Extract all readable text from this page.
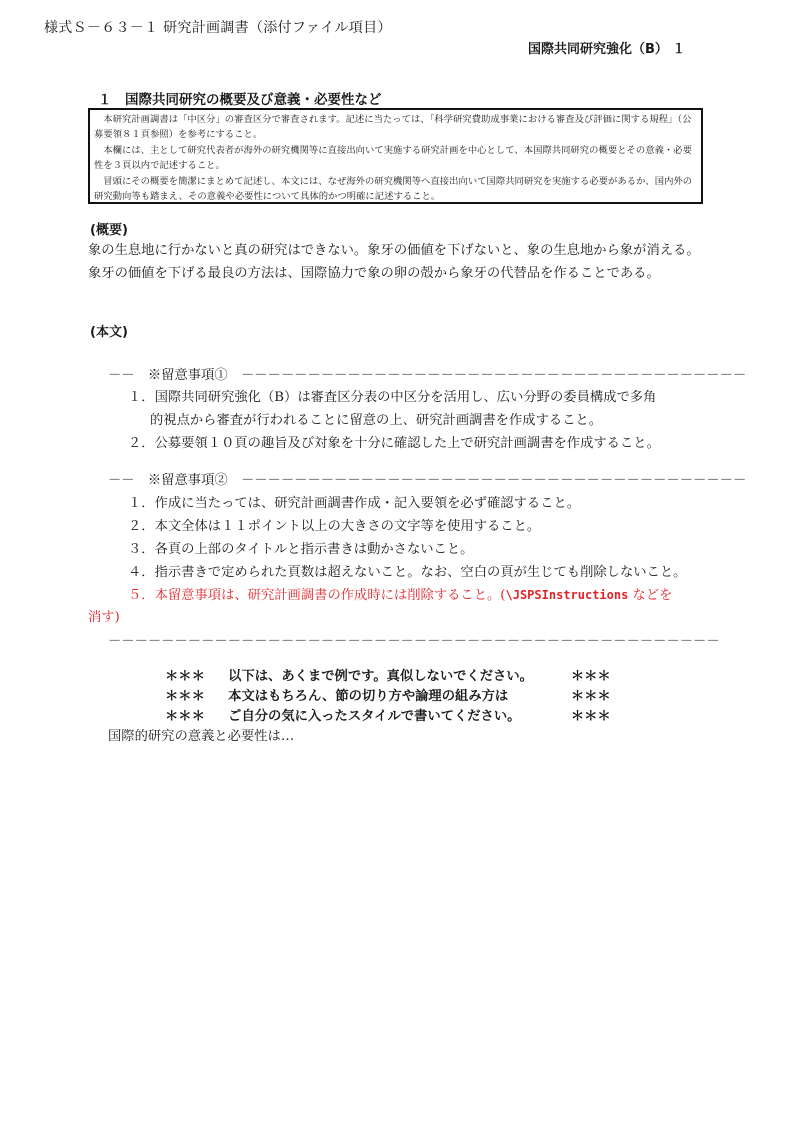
様式Ｓ－６３－１ 研究計画調書（添付ファイル項目）
国際共同研究強化（B） １
１　国際共同研究の概要及び意義・必要性など

本研究計画調書は「中区分」の審査区分で審査されます。記述に当たっては、「科学研究費助成事業における審査及び評価に関する規程」（公募要領８１頁参照）を参考にすること。

本欄には、主として研究代表者が海外の研究機関等に直接出向いて実施する研究計画を中心として、本国際共同研究の概要とその意義・必要性を３頁以内で記述すること。

冒頭にその概要を簡潔にまとめて記述し、本文には、なぜ海外の研究機関等へ直接出向いて国際共同研究を実施する必要があるか、国内外の研究動向等も踏まえ、その意義や必要性について具体的かつ明確に記述すること。

(概要)
象の生息地に行かないと真の研究はできない。象牙の価値を下げないと、象の生息地から象が消える。象牙の価値を下げる最良の方法は、国際協力で象の卵の殻から象牙の代替品を作ることである。
(本文)
－－　※留意事項①　－－－－－－－－－－－－－－－－－－－－－－－－－－－－－－－－－－－－－－
１．国際共同研究強化（B）は審査区分表の中区分を活用し、広い分野の委員構成で多角
的視点から審査が行われることに留意の上、研究計画調書を作成すること。
２．公募要領１０頁の趣旨及び対象を十分に確認した上で研究計画調書を作成すること。
－－　※留意事項②　－－－－－－－－－－－－－－－－－－－－－－－－－－－－－－－－－－－－－－
１．作成に当たっては、研究計画調書作成・記入要領を必ず確認すること。
２．本文全体は１１ポイント以上の大きさの文字等を使用すること。
３．各頁の上部のタイトルと指示書きは動かさないこと。
４．指示書きで定められた頁数は超えないこと。なお、空白の頁が生じても削除しないこと。
５．本留意事項は、研究計画調書の作成時には削除すること。(\JSPSInstructions などを
消す)
－－－－－－－－－－－－－－－－－－－－－－－－－－－－－－－－－－－－－－－－－－－－－－
＊＊＊ 以下は、あくまで例です。真似しないでください。	＊＊＊
＊＊＊ 本文はもちろん、節の切り方や論理の組み方は	＊＊＊
＊＊＊ ご自分の気に入ったスタイルで書いてください。	＊＊＊
国際的研究の意義と必要性は…
